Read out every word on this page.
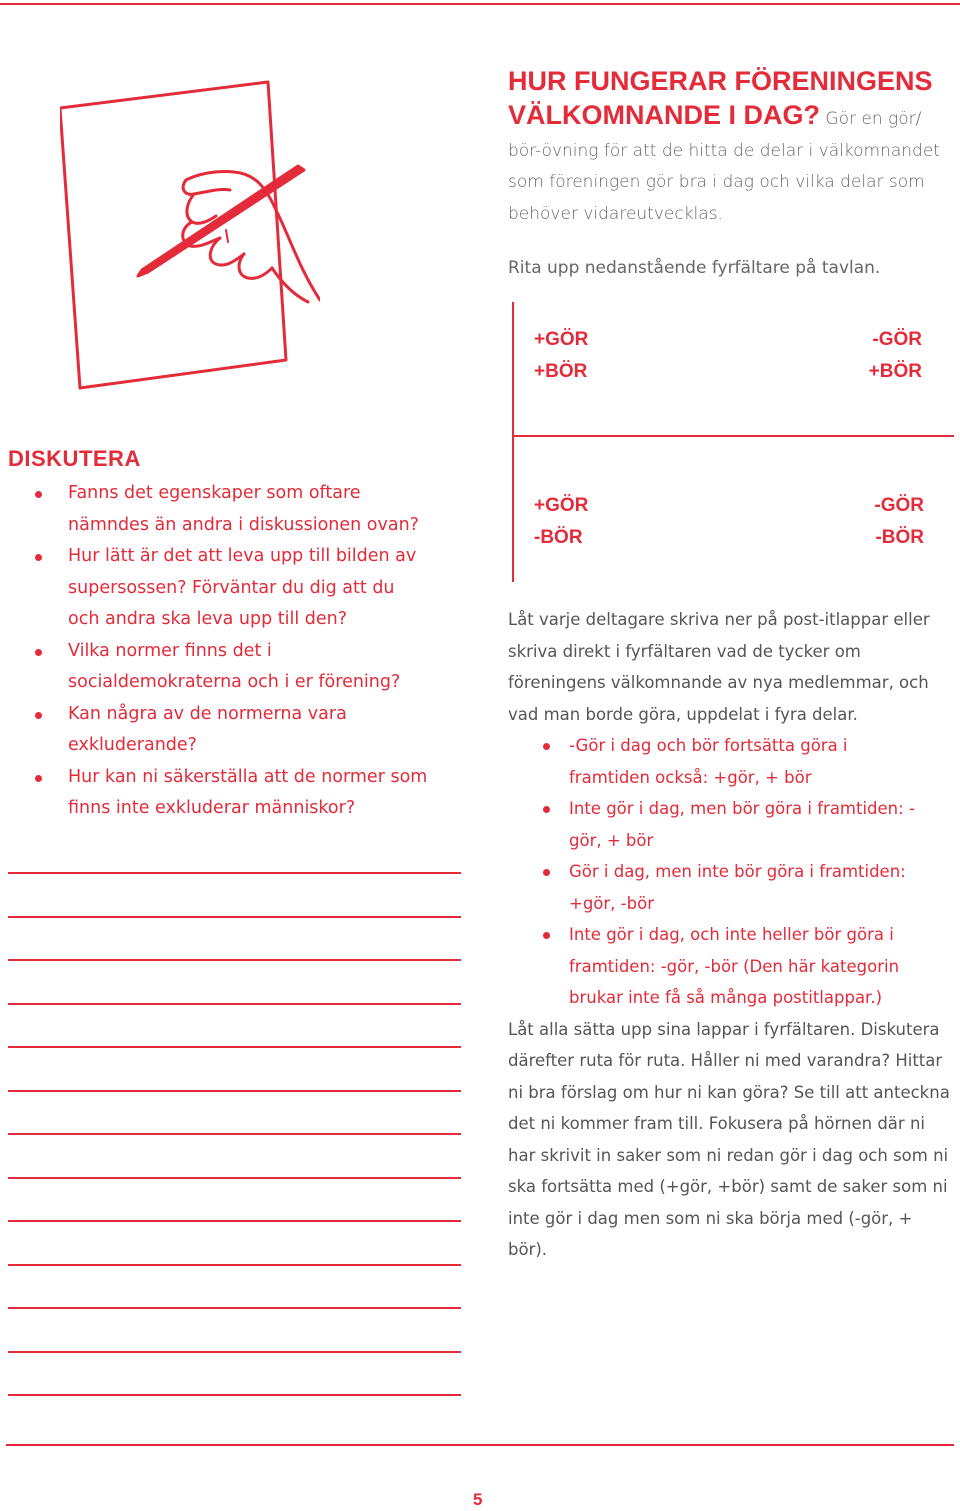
HUR FUNGERAR FÖRENINGENS
VÄLKOMNANDE I DAG? Gör en gör/ bör-övning för att de hitta de delar i välkomnandet som föreningen gör bra i dag och vilka delar som behöver vidareutvecklas.
Rita upp nedanstående fyrfältare på tavlan.
+GÖR
+BÖR
-GÖR
+BÖR
+GÖR
-BÖR
-GÖR
-BÖR

Låt varje deltagare skriva ner på post-itlappar eller skriva direkt i fyrfältaren vad de tycker om föreningens välkomnande av nya medlemmar, och vad man borde göra, uppdelat i fyra delar.

-Gör i dag och bör fortsätta göra i framtiden också: +gör, + bör
Inte gör i dag, men bör göra i framtiden: -gör, + bör
Gör i dag, men inte bör göra i framtiden: +gör, -bör
Inte gör i dag, och inte heller bör göra i framtiden: -gör, -bör (Den här kategorin brukar inte få så många postitlappar.)

Låt alla sätta upp sina lappar i fyrfältaren. Diskutera därefter ruta för ruta. Håller ni med varandra? Hittar ni bra förslag om hur ni kan göra? Se till att anteckna det ni kommer fram till. Fokusera på hörnen där ni har skrivit in saker som ni redan gör i dag och som ni ska fortsätta med (+gör, +bör) samt de saker som ni inte gör i dag men som ni ska börja med (-gör, + bör).

DISKUTERA
Fanns det egenskaper som oftare nämndes än andra i diskussionen ovan?
Hur lätt är det att leva upp till bilden av supersossen? Förväntar du dig att du och andra ska leva upp till den?
Vilka normer finns det i socialdemokraterna och i er förening?
Kan några av de normerna vara exkluderande?
Hur kan ni säkerställa att de normer som finns inte exkluderar människor?
5
